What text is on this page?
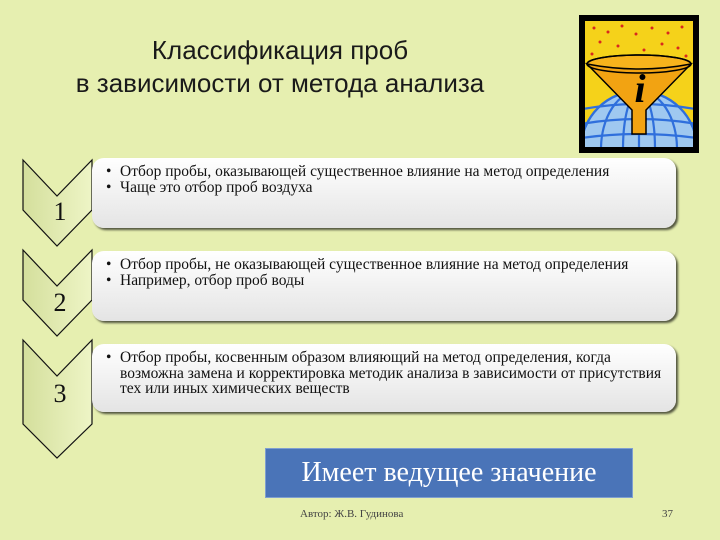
Классификация проб
в зависимости от метода анализа	i
1
2
3
• Отбор пробы, оказывающей существенное влияние на метод определения
• Чаще это отбор проб воздуха
• Отбор пробы, не оказывающей существенное влияние на метод определения
• Например, отбор проб воды
• Отбор пробы, косвенным образом влияющий на метод определения, когда возможна замена и корректировка методик анализа в зависимости от присутствия тех или иных химических веществ
Имеет ведущее значение
Автор: Ж.В. Гудинова	37
